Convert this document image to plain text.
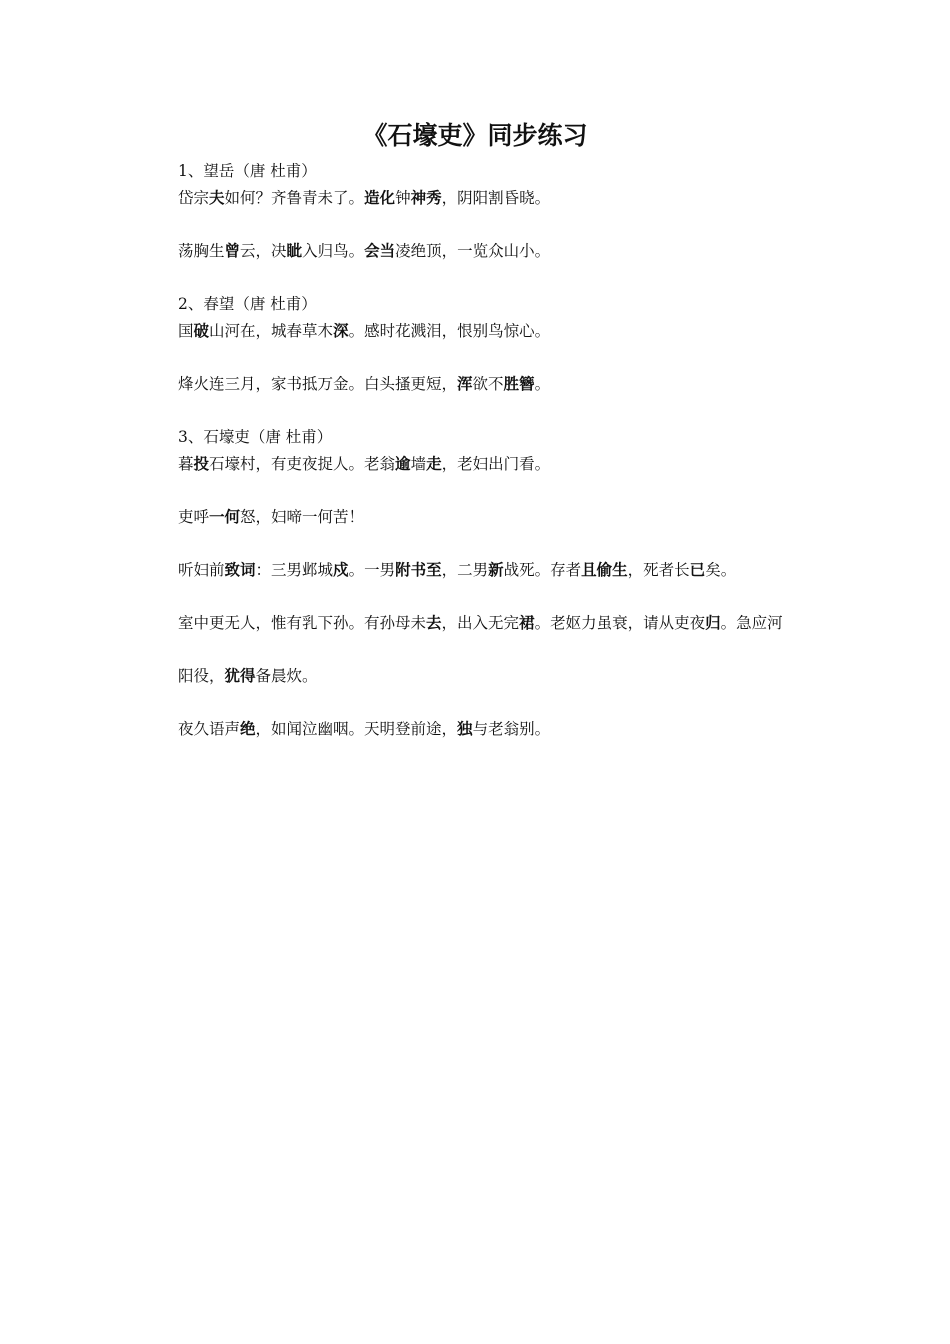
《石壕吏》同步练习
1、望岳（唐 杜甫）
岱宗夫如何？齐鲁青未了。造化钟神秀，阴阳割昏晓。
荡胸生曾云，决眦入归鸟。会当凌绝顶，一览众山小。
2、春望（唐 杜甫）
国破山河在，城春草木深。感时花溅泪，恨别鸟惊心。
烽火连三月，家书抵万金。白头搔更短，浑欲不胜簪。
3、石壕吏（唐 杜甫）
暮投石壕村，有吏夜捉人。老翁逾墙走，老妇出门看。
吏呼一何怒，妇啼一何苦！
听妇前致词：三男邺城戍。一男附书至，二男新战死。存者且偷生，死者长已矣。
室中更无人，惟有乳下孙。有孙母未去，出入无完裙。老妪力虽衰，请从吏夜归。急应河
阳役，犹得备晨炊。
夜久语声绝，如闻泣幽咽。天明登前途，独与老翁别。
